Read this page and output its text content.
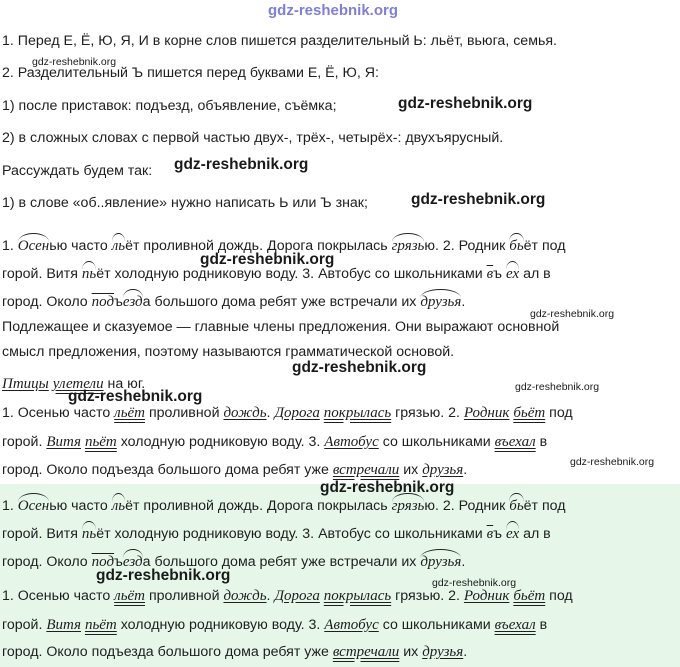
gdz-reshebnik.org
1. Перед Е, Ё, Ю, Я, И в корне слов пишется разделительный Ь: льёт, вьюга, семья.
2. Разделительный Ъ пишется перед буквами Е, Ё, Ю, Я:
1) после приставок: подъезд, объявление, съёмка;
2) в сложных словах с первой частью двух-, трёх-, четырёх-: двухъярусный.
Рассуждать будем так:
1) в слове «об..явление» нужно написать Ь или Ъ знак;
1. Осенью часто льёт проливной дождь. Дорога покрылась грязью. 2. Родник бьёт под
горой. Витя пьёт холодную родниковую воду. 3. Автобус со школьниками въ ех ал в
город. Около подъезда большого дома ребят уже встречали их друзья.
Подлежащее и сказуемое — главные члены предложения. Они выражают основной
смысл предложения, поэтому называются грамматической основой.
Птицы улетели на юг.
1. Осенью часто льёт проливной дождь. Дорога покрылась грязью. 2. Родник бьёт под
горой. Витя пьёт холодную родниковую воду. 3. Автобус со школьниками въехал в
город. Около подъезда большого дома ребят уже встречали их друзья.
1. Осенью часто льёт проливной дождь. Дорога покрылась грязью. 2. Родник бьёт под
горой. Витя пьёт холодную родниковую воду. 3. Автобус со школьниками въ ех ал в
город. Около подъезда большого дома ребят уже встречали их друзья.
1. Осенью часто льёт проливной дождь. Дорога покрылась грязью. 2. Родник бьёт под
горой. Витя пьёт холодную родниковую воду. 3. Автобус со школьниками въехал в
город. Около подъезда большого дома ребят уже встречали их друзья.
gdz-reshebnik.org
gdz-reshebnik.org
gdz-reshebnik.org
gdz-reshebnik.org
gdz-reshebnik.org
gdz-reshebnik.org
gdz-reshebnik.org
gdz-reshebnik.org
gdz-reshebnik.org
gdz-reshebnik.org
gdz-reshebnik.org
gdz-reshebnik.org	gdz-reshebnik.org
